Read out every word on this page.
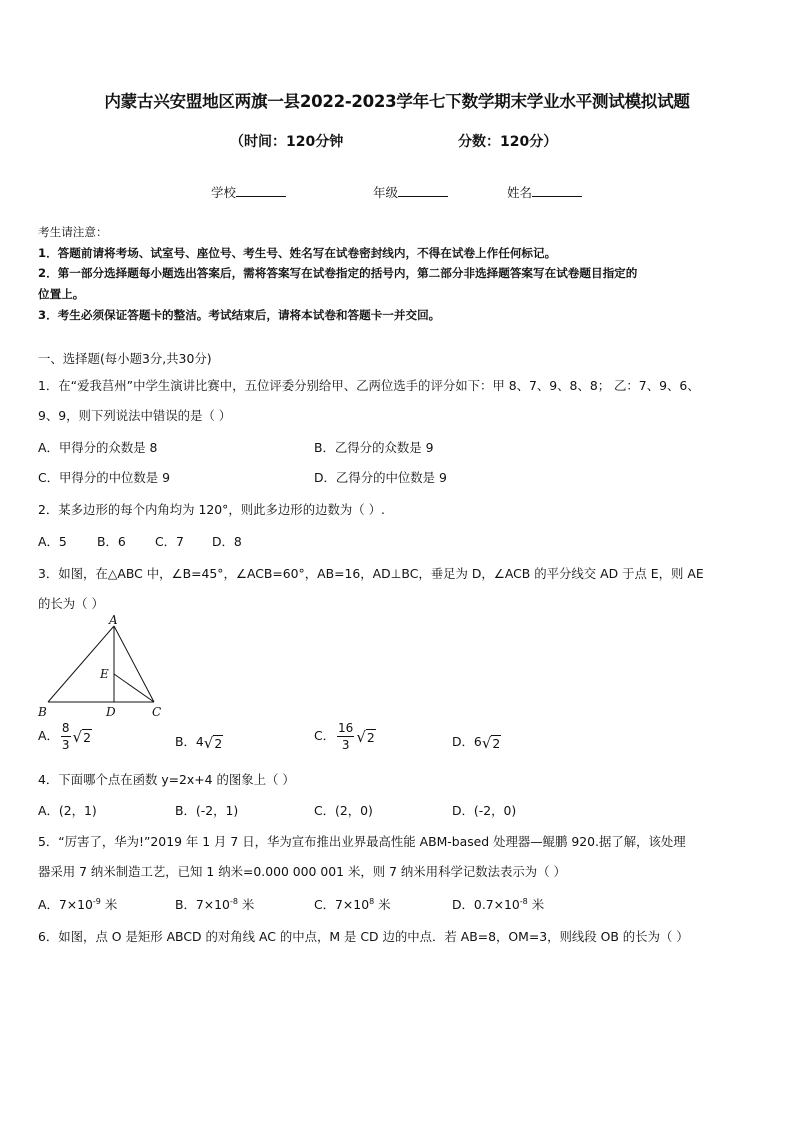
内蒙古兴安盟地区两旗一县2022-2023学年七下数学期末学业水平测试模拟试题
（时间：120分钟	分数：120分）
学校	年级	姓名
考生请注意：
1．答题前请将考场、试室号、座位号、考生号、姓名写在试卷密封线内，不得在试卷上作任何标记。
2．第一部分选择题每小题选出答案后，需将答案写在试卷指定的括号内，第二部分非选择题答案写在试卷题目指定的
位置上。
3．考生必须保证答题卡的整洁。考试结束后，请将本试卷和答题卡一并交回。
一、选择题(每小题3分,共30分)
1．在“爱我莒州”中学生演讲比赛中，五位评委分别给甲、乙两位选手的评分如下：甲 8、7、9、8、8； 乙：7、9、6、
9、9，则下列说法中错误的是（ ）
A．甲得分的众数是 8	B．乙得分的众数是 9
C．甲得分的中位数是 9	D．乙得分的中位数是 9
2．某多边形的每个内角均为 120°，则此多边形的边数为（ ）.
A．5 B．6 C．7 D．8
3．如图，在△ABC 中，∠B=45°，∠ACB=60°，AB=16，AD⊥BC，垂足为 D，∠ACB 的平分线交 AD 于点 E，则 AE
的长为（ ）
A
B	C
D
E
A． $\frac{8}{3} √2$	B．4√2	C． $\frac{16}{3} √2$	D．6√2
4．下面哪个点在函数 y=2x+4 的图象上（ ）
A．(2，1)	B．(-2，1)	C．(2，0)	D．(-2，0)
5．“厉害了，华为!”2019 年 1 月 7 日，华为宣布推出业界最高性能 ABM-based 处理器—鲲鹏 920.据了解，该处理
器采用 7 纳米制造工艺，已知 1 纳米=0.000 000 001 米，则 7 纳米用科学记数法表示为（ ）
A．$7\times 10^{-9}$ 米	B．$7\times 10^{-8}$ 米	C．$7\times 10^8$ 米	D．$0.7\times 10^{-8}$ 米
6．如图，点 O 是矩形 ABCD 的对角线 AC 的中点，M 是 CD 边的中点．若 AB=8，OM=3，则线段 OB 的长为（ ）
